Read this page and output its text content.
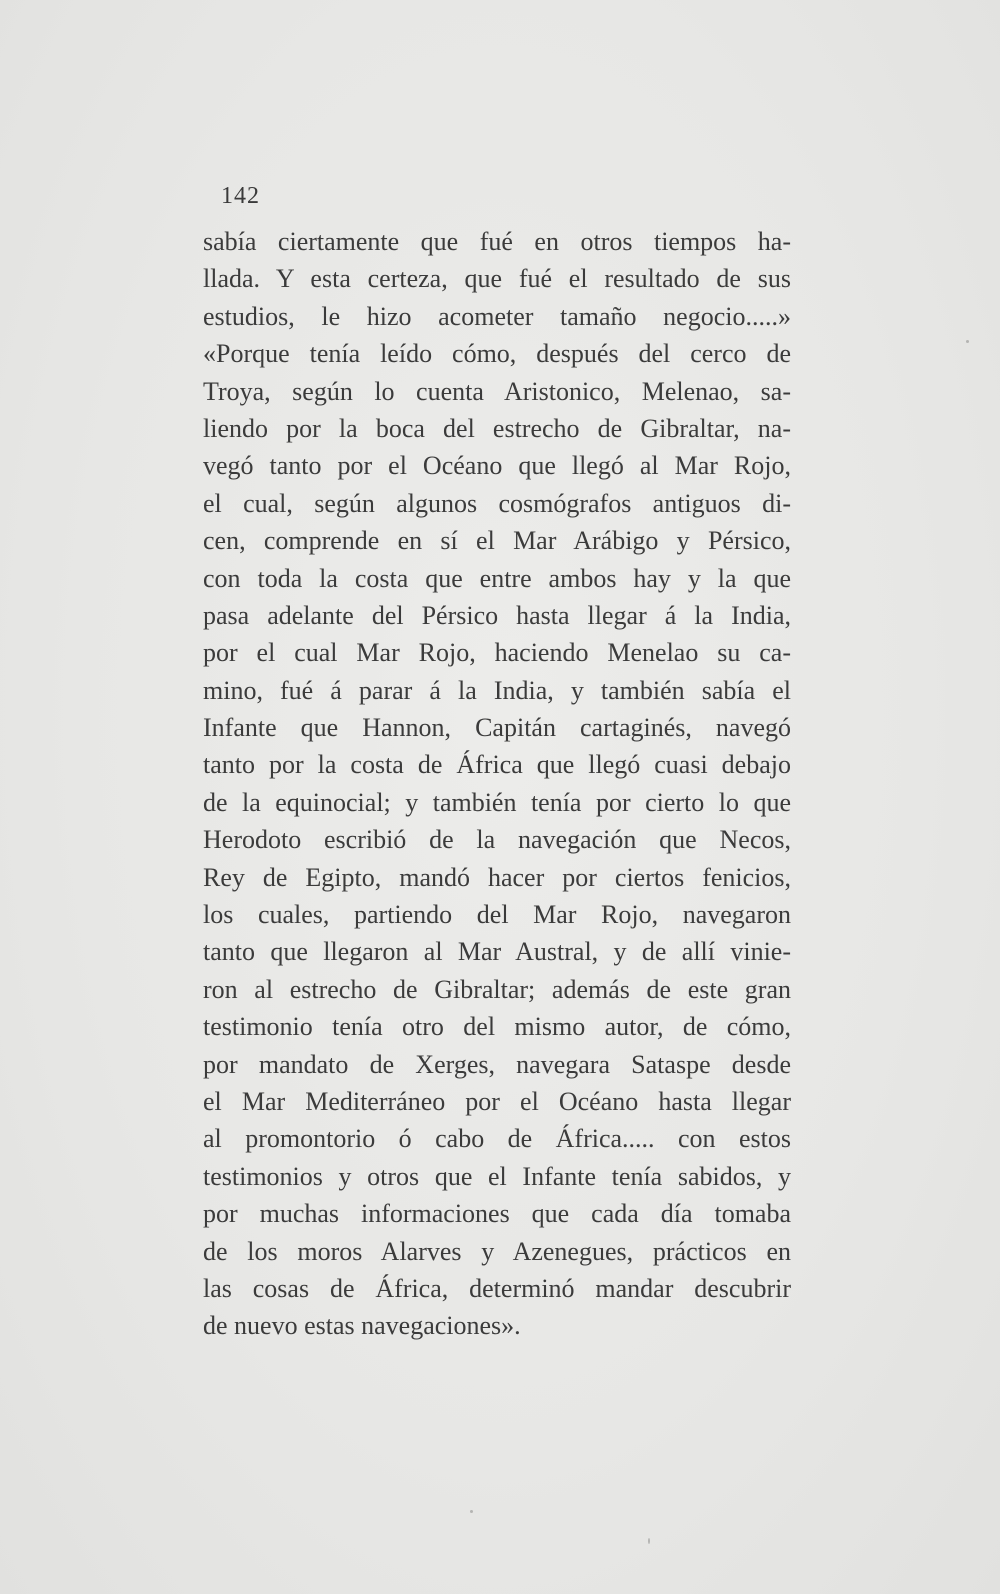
142
sabía ciertamente que fué en otros tiempos ha-
llada. Y esta certeza, que fué el resultado de sus
estudios, le hizo acometer tamaño negocio.....»
«Porque tenía leído cómo, después del cerco de
Troya, según lo cuenta Aristonico, Melenao, sa-
liendo por la boca del estrecho de Gibraltar, na-
vegó tanto por el Océano que llegó al Mar Rojo,
el cual, según algunos cosmógrafos antiguos di-
cen, comprende en sí el Mar Arábigo y Pérsico,
con toda la costa que entre ambos hay y la que
pasa adelante del Pérsico hasta llegar á la India,
por el cual Mar Rojo, haciendo Menelao su ca-
mino, fué á parar á la India, y también sabía el
Infante que Hannon, Capitán cartaginés, navegó
tanto por la costa de África que llegó cuasi debajo
de la equinocial; y también tenía por cierto lo que
Herodoto escribió de la navegación que Necos,
Rey de Egipto, mandó hacer por ciertos fenicios,
los cuales, partiendo del Mar Rojo, navegaron
tanto que llegaron al Mar Austral, y de allí vinie-
ron al estrecho de Gibraltar; además de este gran
testimonio tenía otro del mismo autor, de cómo,
por mandato de Xerges, navegara Sataspe desde
el Mar Mediterráneo por el Océano hasta llegar
al promontorio ó cabo de África..... con estos
testimonios y otros que el Infante tenía sabidos, y
por muchas informaciones que cada día tomaba
de los moros Alarves y Azenegues, prácticos en
las cosas de África, determinó mandar descubrir
de nuevo estas navegaciones».
